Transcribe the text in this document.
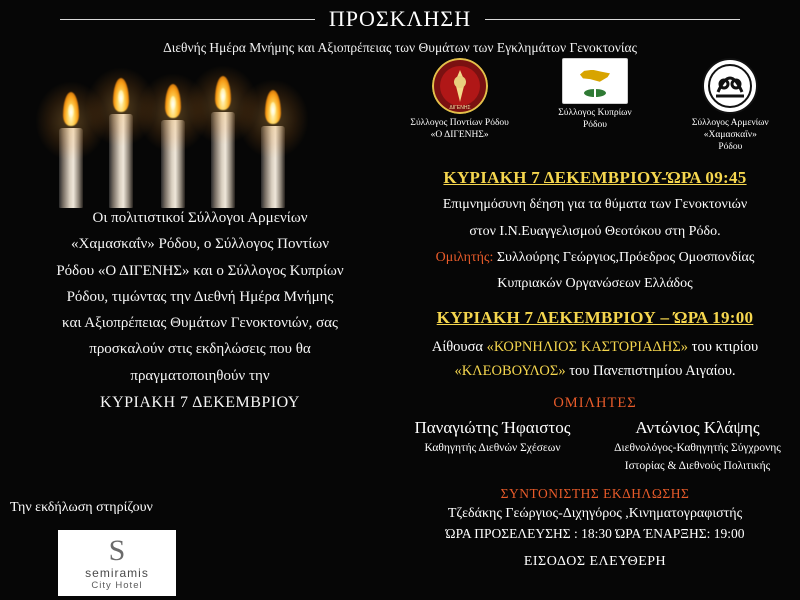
ΠΡΟΣΚΛΗΣΗ
Διεθνής Ημέρα Μνήμης και Αξιοπρέπειας των Θυμάτων των Εγκλημάτων Γενοκτονίας
Οι πολιτιστικοί Σύλλογοι Αρμενίων
«Χαμασκαΐν» Ρόδου, ο Σύλλογος Ποντίων
Ρόδου «Ο ΔΙΓΕΝΗΣ» και ο Σύλλογος Κυπρίων
Ρόδου, τιμώντας την Διεθνή Ημέρα Μνήμης
και Αξιοπρέπειας Θυμάτων Γενοκτονιών, σας
προσκαλούν στις εκδηλώσεις που θα
πραγματοποιηθούν την
ΚΥΡΙΑΚΗ 7 ΔΕΚΕΜΒΡΙΟΥ
Την εκδήλωση στηρίζουν
S
semiramis
City Hotel
ΔΙΓΕΝΗΣ
Σύλλογος Ποντίων Ρόδου
«Ο ΔΙΓΕΝΗΣ»
Σύλλογος Κυπρίων
Ρόδου	Σύλλογος Αρμενίων
«Χαμασκαΐν»
Ρόδου
ΚΥΡΙΑΚΗ 7 ΔΕΚΕΜΒΡΙΟΥ-ΏΡΑ 09:45
Επιμνημόσυνη δέηση για τα θύματα των Γενοκτονιών
στον Ι.Ν.Ευαγγελισμού Θεοτόκου στη Ρόδο.
Ομιλητής: Συλλούρης Γεώργιος,Πρόεδρος Ομοσπονδίας
Κυπριακών Οργανώσεων Ελλάδος
ΚΥΡΙΑΚΗ 7 ΔΕΚΕΜΒΡΙΟΥ – ΏΡΑ 19:00
Αίθουσα «ΚΟΡΝΗΛΙΟΣ ΚΑΣΤΟΡΙΑΔΗΣ» του κτιρίου
«ΚΛΕΟΒΟΥΛΟΣ» του Πανεπιστημίου Αιγαίου.
ΟΜΙΛΗΤΕΣ
Παναγιώτης Ήφαιστος
Καθηγητής Διεθνών Σχέσεων
Αντώνιος Κλάψης
Διεθνολόγος-Καθηγητής Σύγχρονης
Ιστορίας & Διεθνούς Πολιτικής
ΣΥΝΤΟΝΙΣΤΗΣ ΕΚΔΗΛΩΣΗΣ
Τζεδάκης Γεώργιος-Διχηγόρος ,Κινηματογραφιστής
ΏΡΑ ΠΡΟΣΕΛΕΥΣΗΣ : 18:30 ΏΡΑ ΈΝΑΡΞΗΣ: 19:00
ΕΙΣΟΔΟΣ ΕΛΕΥΘΕΡΗ
